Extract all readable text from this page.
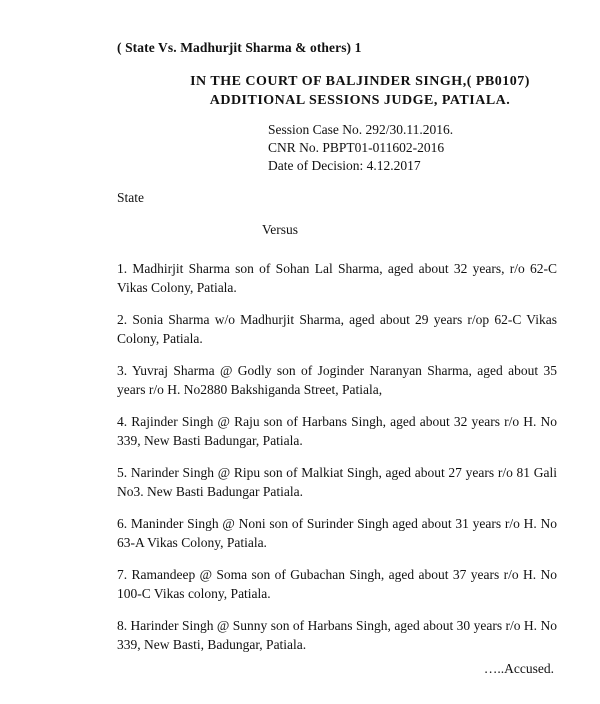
( State Vs. Madhurjit Sharma & others) 1
IN THE COURT OF BALJINDER SINGH,( PB0107)
ADDITIONAL SESSIONS JUDGE, PATIALA.
Session Case No. 292/30.11.2016.
CNR No. PBPT01-011602-2016
Date of Decision: 4.12.2017
State
Versus

1. Madhirjit Sharma son of Sohan Lal Sharma, aged about 32 years, r/o 62-C Vikas Colony, Patiala.

2. Sonia Sharma w/o Madhurjit Sharma, aged about 29 years r/op 62-C Vikas Colony, Patiala.

3. Yuvraj Sharma @ Godly son of Joginder Naranyan Sharma, aged about 35 years r/o H. No2880 Bakshiganda Street, Patiala,

4. Rajinder Singh @ Raju son of Harbans Singh, aged about 32 years r/o H. No 339, New Basti Badungar, Patiala.

5. Narinder Singh @ Ripu son of Malkiat Singh, aged about 27 years r/o 81 Gali No3. New Basti Badungar Patiala.

6. Maninder Singh @ Noni son of Surinder Singh aged about 31 years r/o H. No 63-A Vikas Colony, Patiala.

7. Ramandeep @ Soma son of Gubachan Singh, aged about 37 years r/o H. No 100-C Vikas colony, Patiala.

8. Harinder Singh @ Sunny son of Harbans Singh, aged about 30 years r/o H. No 339, New Basti, Badungar, Patiala.

…..Accused.
